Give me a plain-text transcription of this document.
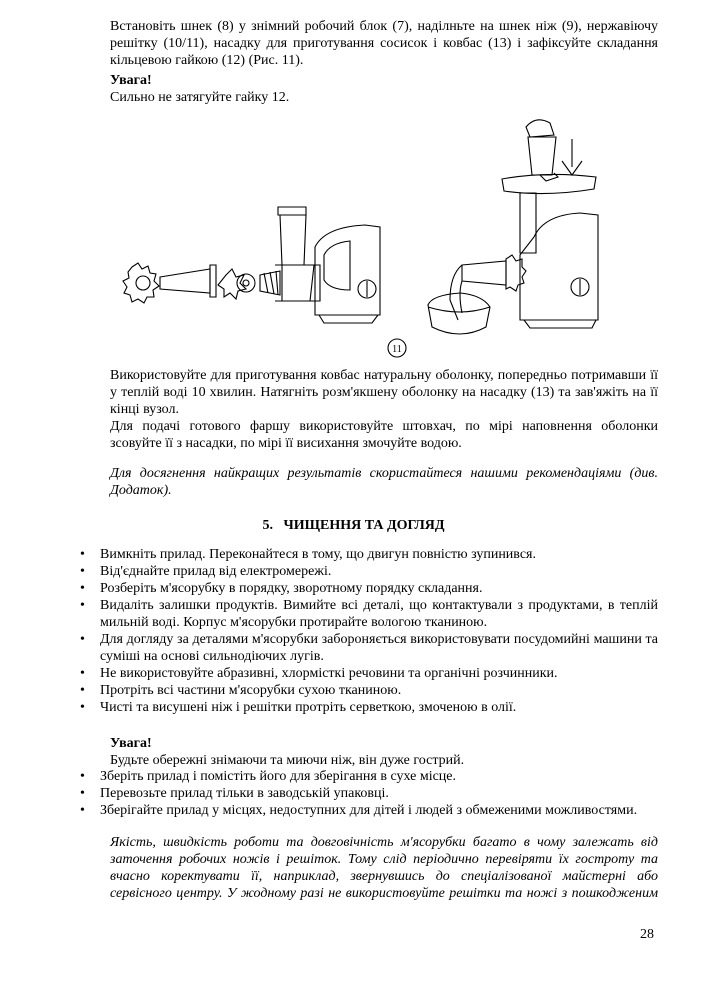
Встановіть шнек (8) у знімний робочий блок (7), наділньте на шнек ніж (9), нержавіючу решітку (10/11), насадку для приготування сосисок і ковбас (13) і зафіксуйте складання кільцевою гайкою (12) (Рис. 11).

Увага!

Сильно не затягуйте гайку 12.

11

Використовуйте для приготування ковбас натуральну оболонку, попередньо потримавши її у теплій воді 10 хвилин. Натягніть розм'якшену оболонку на насадку (13) та зав'яжіть на її кінці вузол.

Для подачі готового фаршу використовуйте штовхач, по мірі наповнення оболонки зсовуйте її з насадки, по мірі її висихання змочуйте водою.

Для досягнення найкращих результатів скористайтеся нашими рекомендаціями (див. Додаток).

5. ЧИЩЕННЯ ТА ДОГЛЯД
• Вимкніть прилад. Переконайтеся в тому, що двигун повністю зупинився.
• Від'єднайте прилад від електромережі.
• Розберіть м'ясорубку в порядку, зворотному порядку складання.
• Видаліть залишки продуктів. Вимийте всі деталі, що контактували з продуктами, в теплій мильній воді. Корпус м'ясорубки протирайте вологою тканиною.
• Для догляду за деталями м'ясорубки забороняється використовувати посудомийні машини та суміші на основі сильнодіючих лугів.
• Не використовуйте абразивні, хлормісткі речовини та органічні розчинники.
• Протріть всі частини м'ясорубки сухою тканиною.
• Чисті та висушені ніж і решітки протріть серветкою, змоченою в олії.

Увага!

Будьте обережні знімаючи та миючи ніж, він дуже гострий.

• Зберіть прилад і помістіть його для зберігання в сухе місце.
• Перевозьте прилад тільки в заводській упаковці.
• Зберігайте прилад у місцях, недоступних для дітей і людей з обмеженими можливостями.

Якість, швидкість роботи та довговічність м'ясорубки багато в чому залежать від заточення робочих ножів і решіток. Тому слід періодично перевіряти їх гостроту та вчасно коректувати її, наприклад, звернувшись до спеціалізованої майстерні або сервісного центру. У жодному разі не використовуйте решітки та ножі з пошкодженим

28
